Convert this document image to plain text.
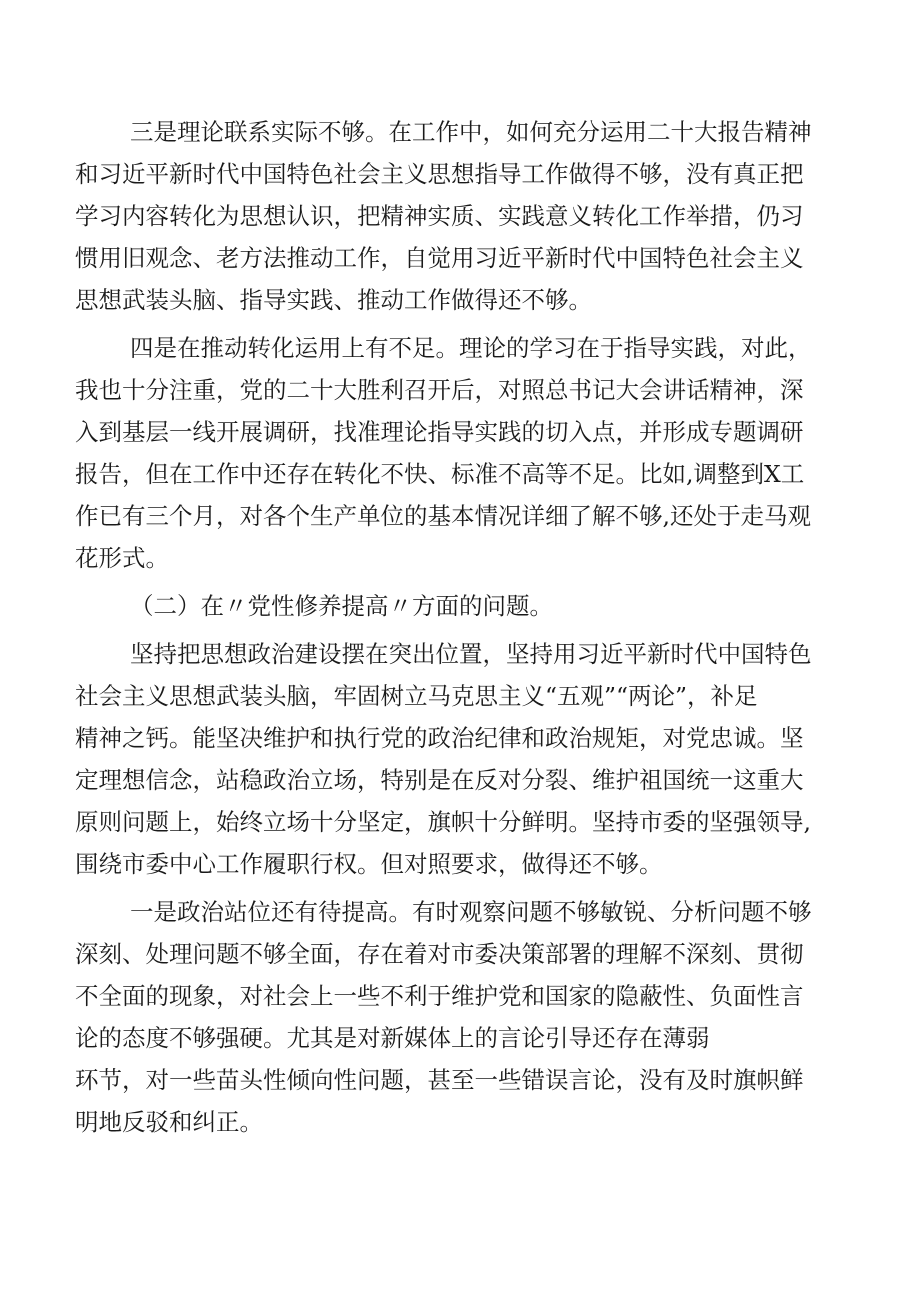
三是理论联系实际不够。在工作中，如何充分运用二十大报告精神

和习近平新时代中国特色社会主义思想指导工作做得不够，没有真正把

学习内容转化为思想认识，把精神实质、实践意义转化工作举措，仍习

惯用旧观念、老方法推动工作，自觉用习近平新时代中国特色社会主义

思想武装头脑、指导实践、推动工作做得还不够。

四是在推动转化运用上有不足。理论的学习在于指导实践，对此，

我也十分注重，党的二十大胜利召开后，对照总书记大会讲话精神，深

入到基层一线开展调研，找准理论指导实践的切入点，并形成专题调研

报告，但在工作中还存在转化不快、标准不高等不足。比如,调整到X工

作已有三个月，对各个生产单位的基本情况详细了解不够,还处于走马观

花形式。

（二）在〃党性修养提高〃方面的问题。

坚持把思想政治建设摆在突出位置，坚持用习近平新时代中国特色

社会主义思想武装头脑，牢固树立马克思主义“五观”“两论”，补足

精神之钙。能坚决维护和执行党的政治纪律和政治规矩，对党忠诚。坚

定理想信念，站稳政治立场，特别是在反对分裂、维护祖国统一这重大

原则问题上，始终立场十分坚定，旗帜十分鲜明。坚持市委的坚强领导,

围绕市委中心工作履职行权。但对照要求，做得还不够。

一是政治站位还有待提高。有时观察问题不够敏锐、分析问题不够

深刻、处理问题不够全面，存在着对市委决策部署的理解不深刻、贯彻

不全面的现象，对社会上一些不利于维护党和国家的隐蔽性、负面性言

论的态度不够强硬。尤其是对新媒体上的言论引导还存在薄弱

环节，对一些苗头性倾向性问题，甚至一些错误言论，没有及时旗帜鲜

明地反驳和纠正。
